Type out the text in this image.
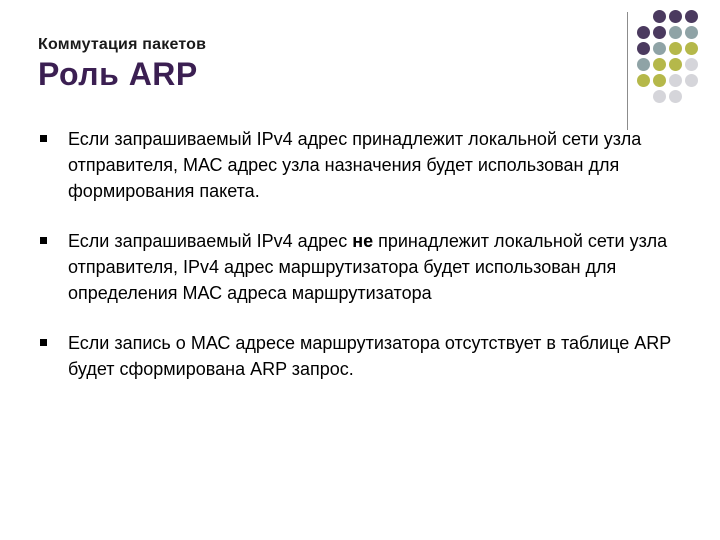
Коммутация пакетов
Роль ARP
Если запрашиваемый IPv4 адрес принадлежит локальной сети узла отправителя, МАС адрес узла назначения будет использован для формирования пакета.
Если запрашиваемый IPv4 адрес не принадлежит локальной сети узла отправителя, IPv4 адрес маршрутизатора будет использован для определения МАС адреса маршрутизатора
Если запись о МАС адресе маршрутизатора отсутствует в таблице ARP будет сформирована ARP запрос.
